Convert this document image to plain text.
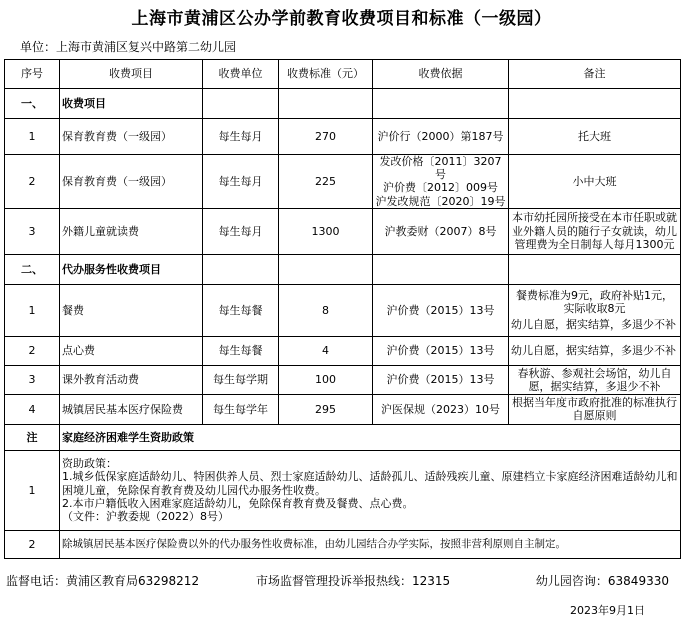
上海市黄浦区公办学前教育收费项目和标准（一级园）
单位：上海市黄浦区复兴中路第二幼儿园
序号	收费项目	收费单位	收费标准（元）	收费依据	备注
一、	收费项目				
1	保育教育费（一级园）	每生每月	270	沪价行（2000）第187号	托大班
2	保育教育费（一级园）	每生每月	225	发改价格〔2011〕3207号
沪价费〔2012〕009号
沪发改规范〔2020〕19号	小中大班
3	外籍儿童就读费	每生每月	1300	沪教委财（2007）8号	本市幼托园所接受在本市任职或就业外籍人员的随行子女就读，幼儿管理费为全日制每人每月1300元
二、	代办服务性收费项目				
1	餐费	每生每餐	8	沪价费（2015）13号	餐费标准为9元，政府补贴1元，实际收取8元
幼儿自愿，据实结算，多退少不补

2	点心费	每生每餐	4	沪价费（2015）13号	幼儿自愿，据实结算，多退少不补
3	课外教育活动费	每生每学期	100	沪价费（2015）13号	春秋游、参观社会场馆，幼儿自愿，据实结算，多退少不补
4	城镇居民基本医疗保险费	每生每学年	295	沪医保规（2023）10号	根据当年度市政府批准的标准执行自愿原则
注	家庭经济困难学生资助政策				
1	资助政策：
1.城乡低保家庭适龄幼儿、特困供养人员、烈士家庭适龄幼儿、适龄孤儿、适龄残疾儿童、原建档立卡家庭经济困难适龄幼儿和困境儿童，免除保育教育费及幼儿园代办服务性收费。
2.本市户籍低收入困难家庭适龄幼儿，免除保育教育费及餐费、点心费。
（文件：沪教委规（2022）8号）				

2	除城镇居民基本医疗保险费以外的代办服务性收费标准，由幼儿园结合办学实际，按照非营利原则自主制定。				
监督电话：黄浦区教育局63298212	市场监督管理投诉举报热线：12315	幼儿园咨询：63849330
2023年9月1日
